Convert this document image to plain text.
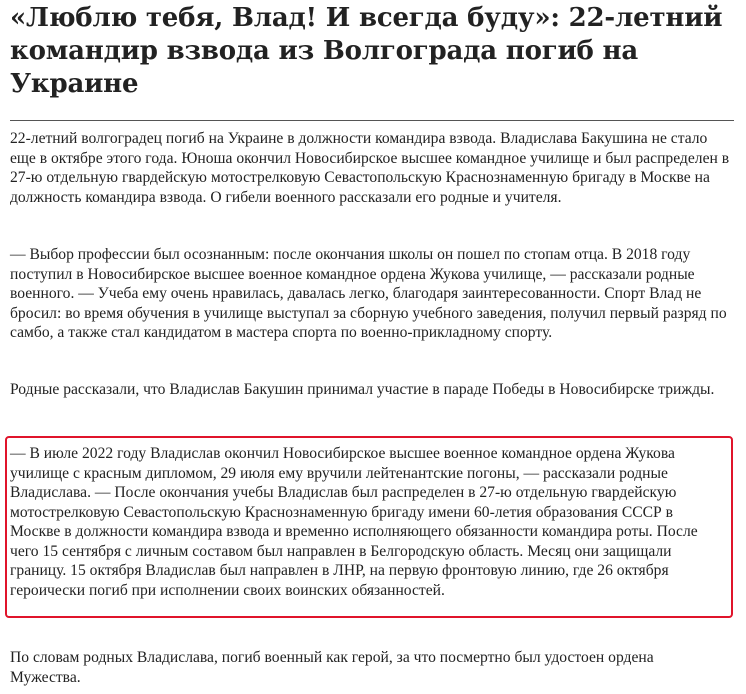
«Люблю тебя, Влад! И всегда буду»: 22-летний командир взвода из Волгограда погиб на Украине

22-летний волгоградец погиб на Украине в должности командира взвода. Владислава Бакушина не стало еще в октябре этого года. Юноша окончил Новосибирское высшее командное училище и был распределен в 27-ю отдельную гвардейскую мотострелковую Севастопольскую Краснознаменную бригаду в Москве на должность командира взвода. О гибели военного рассказали его родные и учителя.

— Выбор профессии был осознанным: после окончания школы он пошел по стопам отца. В 2018 году поступил в Новосибирское высшее военное командное ордена Жукова училище, — рассказали родные военного. — Учеба ему очень нравилась, давалась легко, благодаря заинтересованности. Спорт Влад не бросил: во время обучения в училище выступал за сборную учебного заведения, получил первый разряд по самбо, а также стал кандидатом в мастера спорта по военно-прикладному спорту.

Родные рассказали, что Владислав Бакушин принимал участие в параде Победы в Новосибирске трижды.

— В июле 2022 году Владислав окончил Новосибирское высшее военное командное ордена Жукова училище с красным дипломом, 29 июля ему вручили лейтенантские погоны, — рассказали родные Владислава. — После окончания учебы Владислав был распределен в 27-ю отдельную гвардейскую мотострелковую Севастопольскую Краснознаменную бригаду имени 60-летия образования СССР в Москве в должности командира взвода и временно исполняющего обязанности командира роты. После чего 15 сентября с личным составом был направлен в Белгородскую область. Месяц они защищали границу. 15 октября Владислав был направлен в ЛНР, на первую фронтовую линию, где 26 октября героически погиб при исполнении своих воинских обязанностей.

По словам родных Владислава, погиб военный как герой, за что посмертно был удостоен ордена Мужества.
